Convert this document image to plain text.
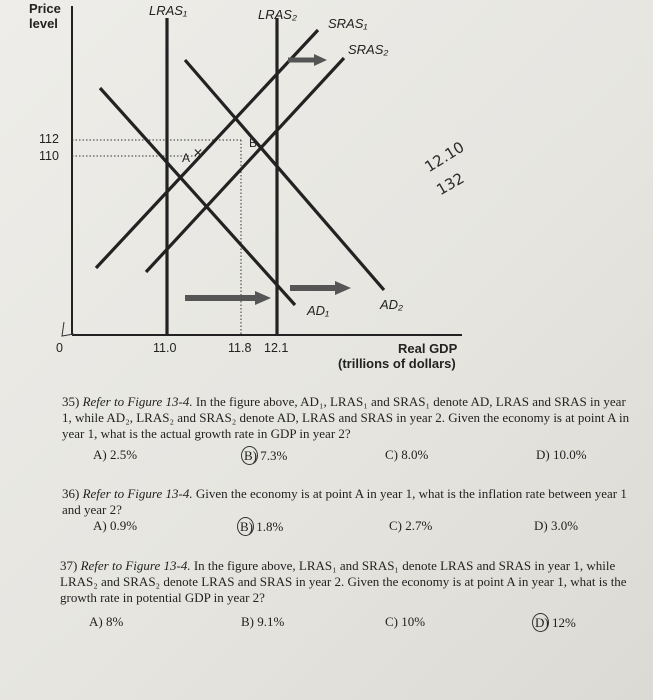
Price
level
Real GDP
(trillions of dollars)
112
110
0	11.0	11.8 12.1
LRAS₁	LRAS₂
SRAS₁
SRAS₂
AD₁	AD₂
A ✕
B	12.10
132
35) Refer to Figure 13-4. In the figure above, AD₁, LRAS₁ and SRAS₁ denote AD, LRAS and SRAS in year 1, while AD₂, LRAS₂ and SRAS₂ denote AD, LRAS and SRAS in year 2. Given the economy is at point A in year 1, what is the actual growth rate in GDP in year 2?
A) 2.5%	B) 7.3%	C) 8.0%	D) 10.0%
36) Refer to Figure 13-4. Given the economy is at point A in year 1, what is the inflation rate between year 1 and year 2?
A) 0.9%	B) 1.8%	C) 2.7%	D) 3.0%
37) Refer to Figure 13-4. In the figure above, LRAS₁ and SRAS₁ denote LRAS and SRAS in year 1, while LRAS₂ and SRAS₂ denote LRAS and SRAS in year 2. Given the economy is at point A in year 1, what is the growth rate in potential GDP in year 2?
A) 8%	B) 9.1%	C) 10%	D) 12%
